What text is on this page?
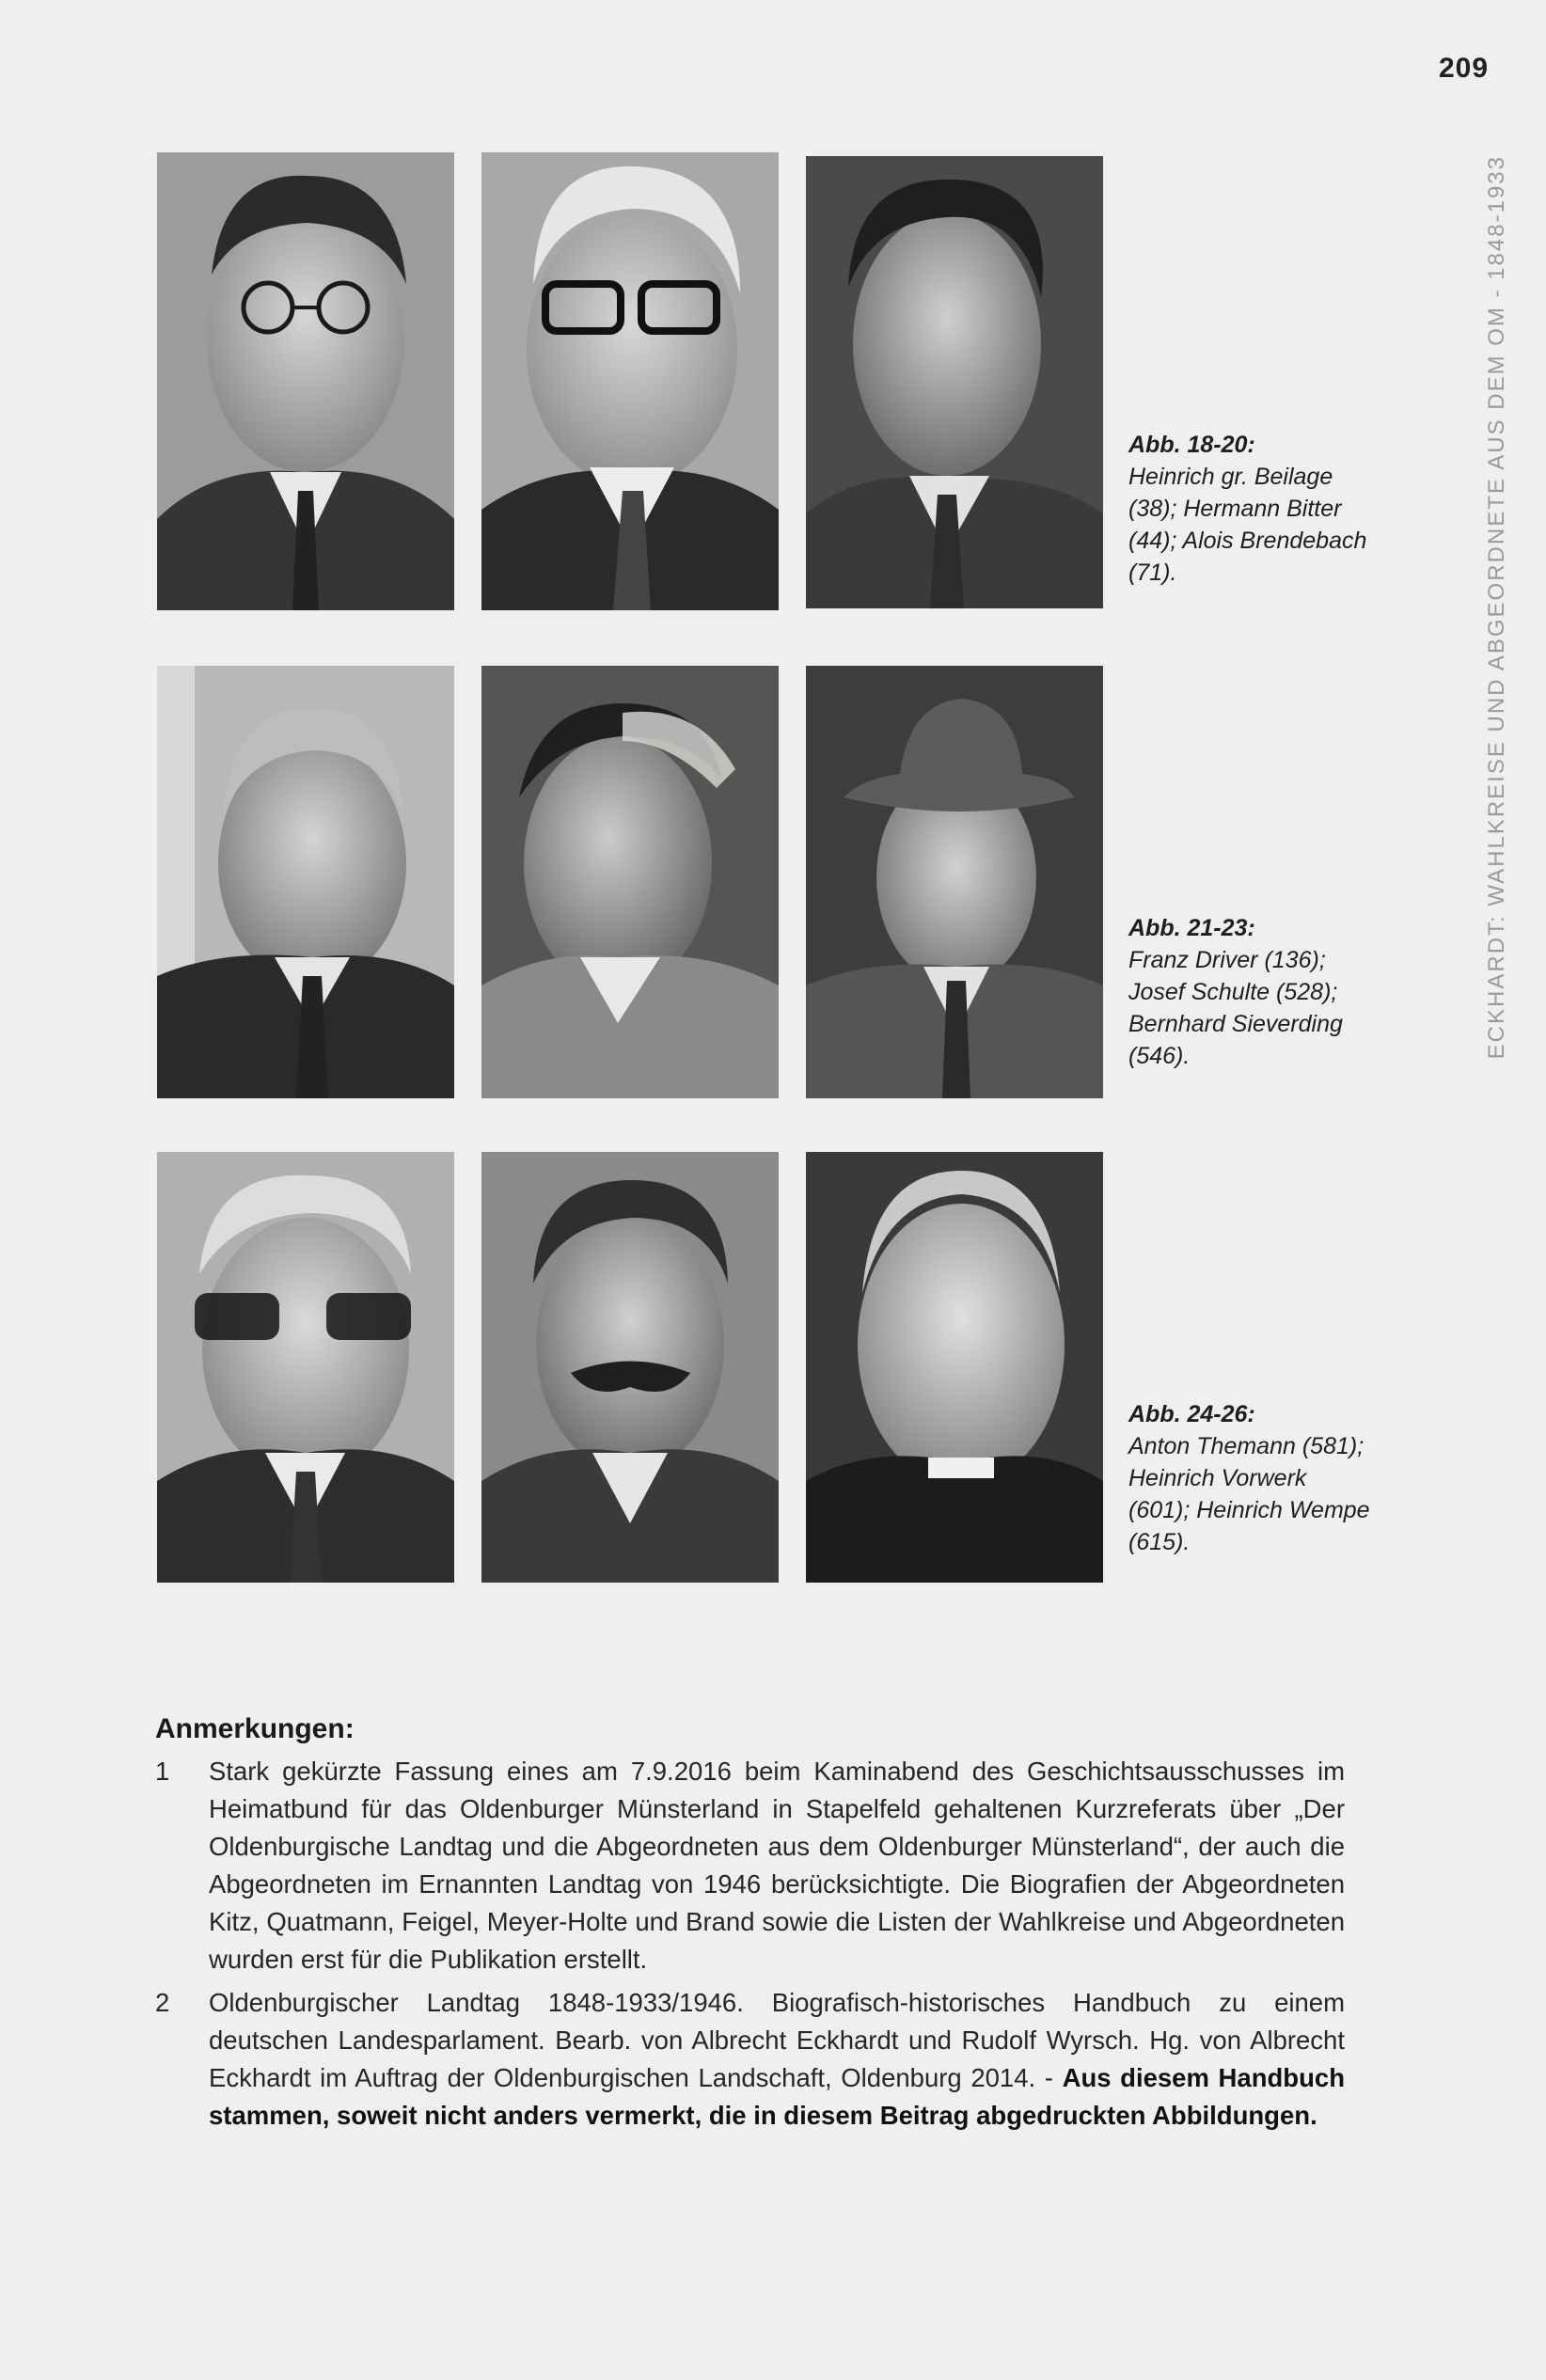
209
ECKHARDT: WAHLKREISE UND ABGEORDNETE AUS DEM OM - 1848-1933
Abb. 18-20:
Heinrich gr. Beilage (38); Hermann Bitter (44); Alois Brendebach (71).
Abb. 21-23:
Franz Driver (136); Josef Schulte (528); Bernhard Sieverding (546).
Abb. 24-26:
Anton Themann (581); Heinrich Vorwerk (601); Heinrich Wempe (615).
Anmerkungen:
1 Stark gekürzte Fassung eines am 7.9.2016 beim Kaminabend des Geschichtsausschusses im Heimatbund für das Oldenburger Münsterland in Stapelfeld gehaltenen Kurzreferats über „Der Oldenburgische Landtag und die Abgeordneten aus dem Oldenburger Münsterland“, der auch die Abgeordneten im Ernannten Landtag von 1946 berücksichtigte. Die Biografien der Abgeordneten Kitz, Quatmann, Feigel, Meyer-Holte und Brand sowie die Listen der Wahlkreise und Abgeordneten wurden erst für die Publikation erstellt.
2 Oldenburgischer Landtag 1848-1933/1946. Biografisch-historisches Handbuch zu einem deutschen Landesparlament. Bearb. von Albrecht Eckhardt und Rudolf Wyrsch. Hg. von Albrecht Eckhardt im Auftrag der Oldenburgischen Landschaft, Oldenburg 2014. - Aus diesem Handbuch stammen, soweit nicht anders vermerkt, die in diesem Beitrag abgedruckten Abbildungen.
